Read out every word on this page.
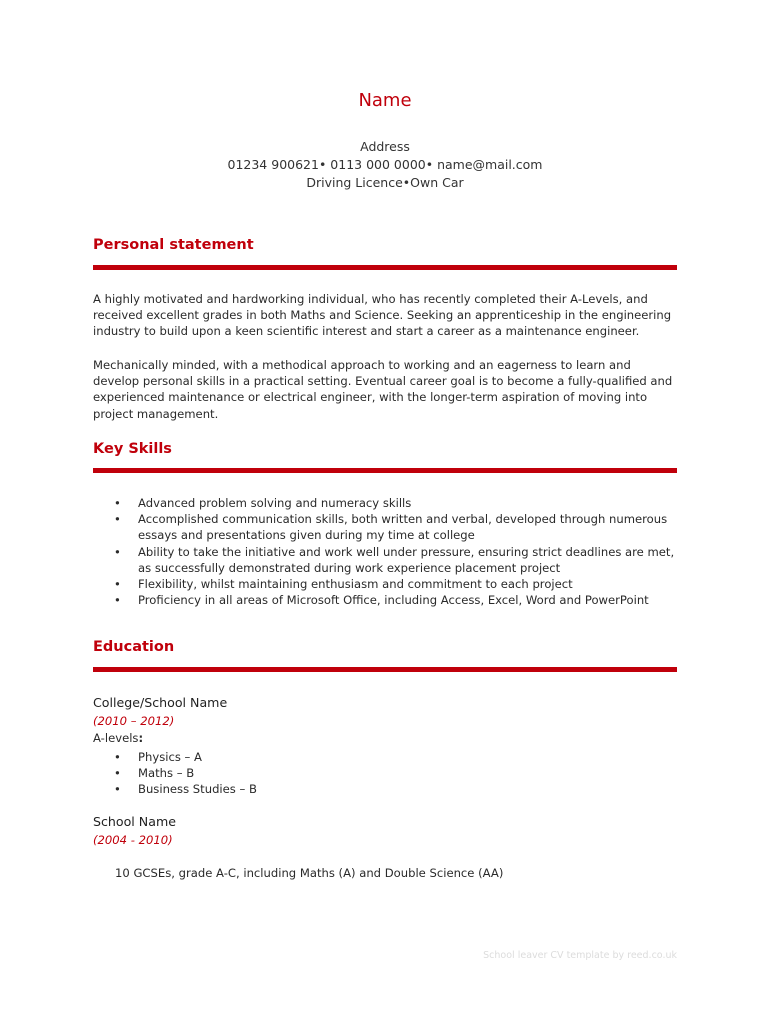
Name
Address
01234 900621• 0113 000 0000• name@mail.com
Driving Licence•Own Car
Personal statement

A highly motivated and hardworking individual, who has recently completed their A-Levels, and received excellent grades in both Maths and Science. Seeking an apprenticeship in the engineering industry to build upon a keen scientific interest and start a career as a maintenance engineer.

Mechanically minded, with a methodical approach to working and an eagerness to learn and develop personal skills in a practical setting. Eventual career goal is to become a fully-qualified and experienced maintenance or electrical engineer, with the longer-term aspiration of moving into project management.

Key Skills
• Advanced problem solving and numeracy skills
• Accomplished communication skills, both written and verbal, developed through numerous essays and presentations given during my time at college
• Ability to take the initiative and work well under pressure, ensuring strict deadlines are met, as successfully demonstrated during work experience placement project
• Flexibility, whilst maintaining enthusiasm and commitment to each project
• Proficiency in all areas of Microsoft Office, including Access, Excel, Word and PowerPoint
Education
College/School Name
(2010 – 2012)
A-levels:
• Physics – A
• Maths – B
• Business Studies – B
School Name
(2004 - 2010)
10 GCSEs, grade A-C, including Maths (A) and Double Science (AA)
School leaver CV template by reed.co.uk
